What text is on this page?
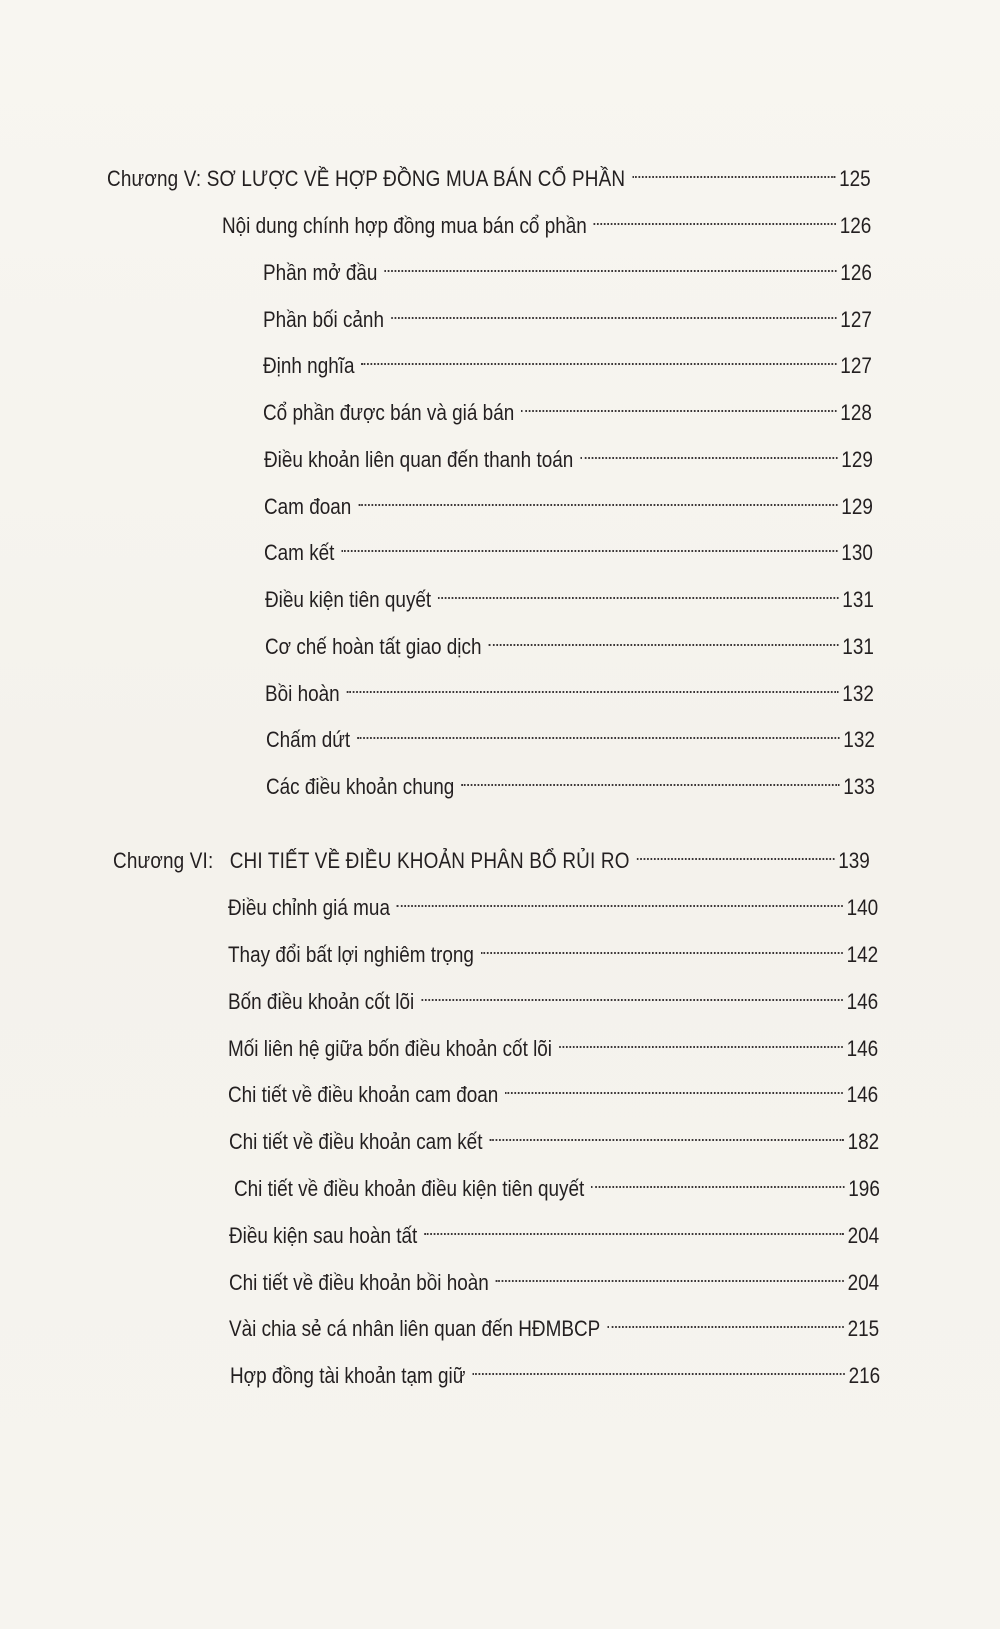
Chương V: SƠ LƯỢC VỀ HỢP ĐỒNG MUA BÁN CỔ PHẦN	125
Nội dung chính hợp đồng mua bán cổ phần	126
Phần mở đầu	126
Phần bối cảnh	127
Định nghĩa	127
Cổ phần được bán và giá bán	128
Điều khoản liên quan đến thanh toán	129
Cam đoan	129
Cam kết	130
Điều kiện tiên quyết	131
Cơ chế hoàn tất giao dịch	131
Bồi hoàn	132
Chấm dứt	132
Các điều khoản chung	133
Chương VI:   CHI TIẾT VỀ ĐIỀU KHOẢN PHÂN BỔ RỦI RO	139
Điều chỉnh giá mua	140
Thay đổi bất lợi nghiêm trọng	142
Bốn điều khoản cốt lõi	146
Mối liên hệ giữa bốn điều khoản cốt lõi	146
Chi tiết về điều khoản cam đoan	146
Chi tiết về điều khoản cam kết	182
Chi tiết về điều khoản điều kiện tiên quyết	196
Điều kiện sau hoàn tất	204
Chi tiết về điều khoản bồi hoàn	204
Vài chia sẻ cá nhân liên quan đến HĐMBCP	215
Hợp đồng tài khoản tạm giữ	216
